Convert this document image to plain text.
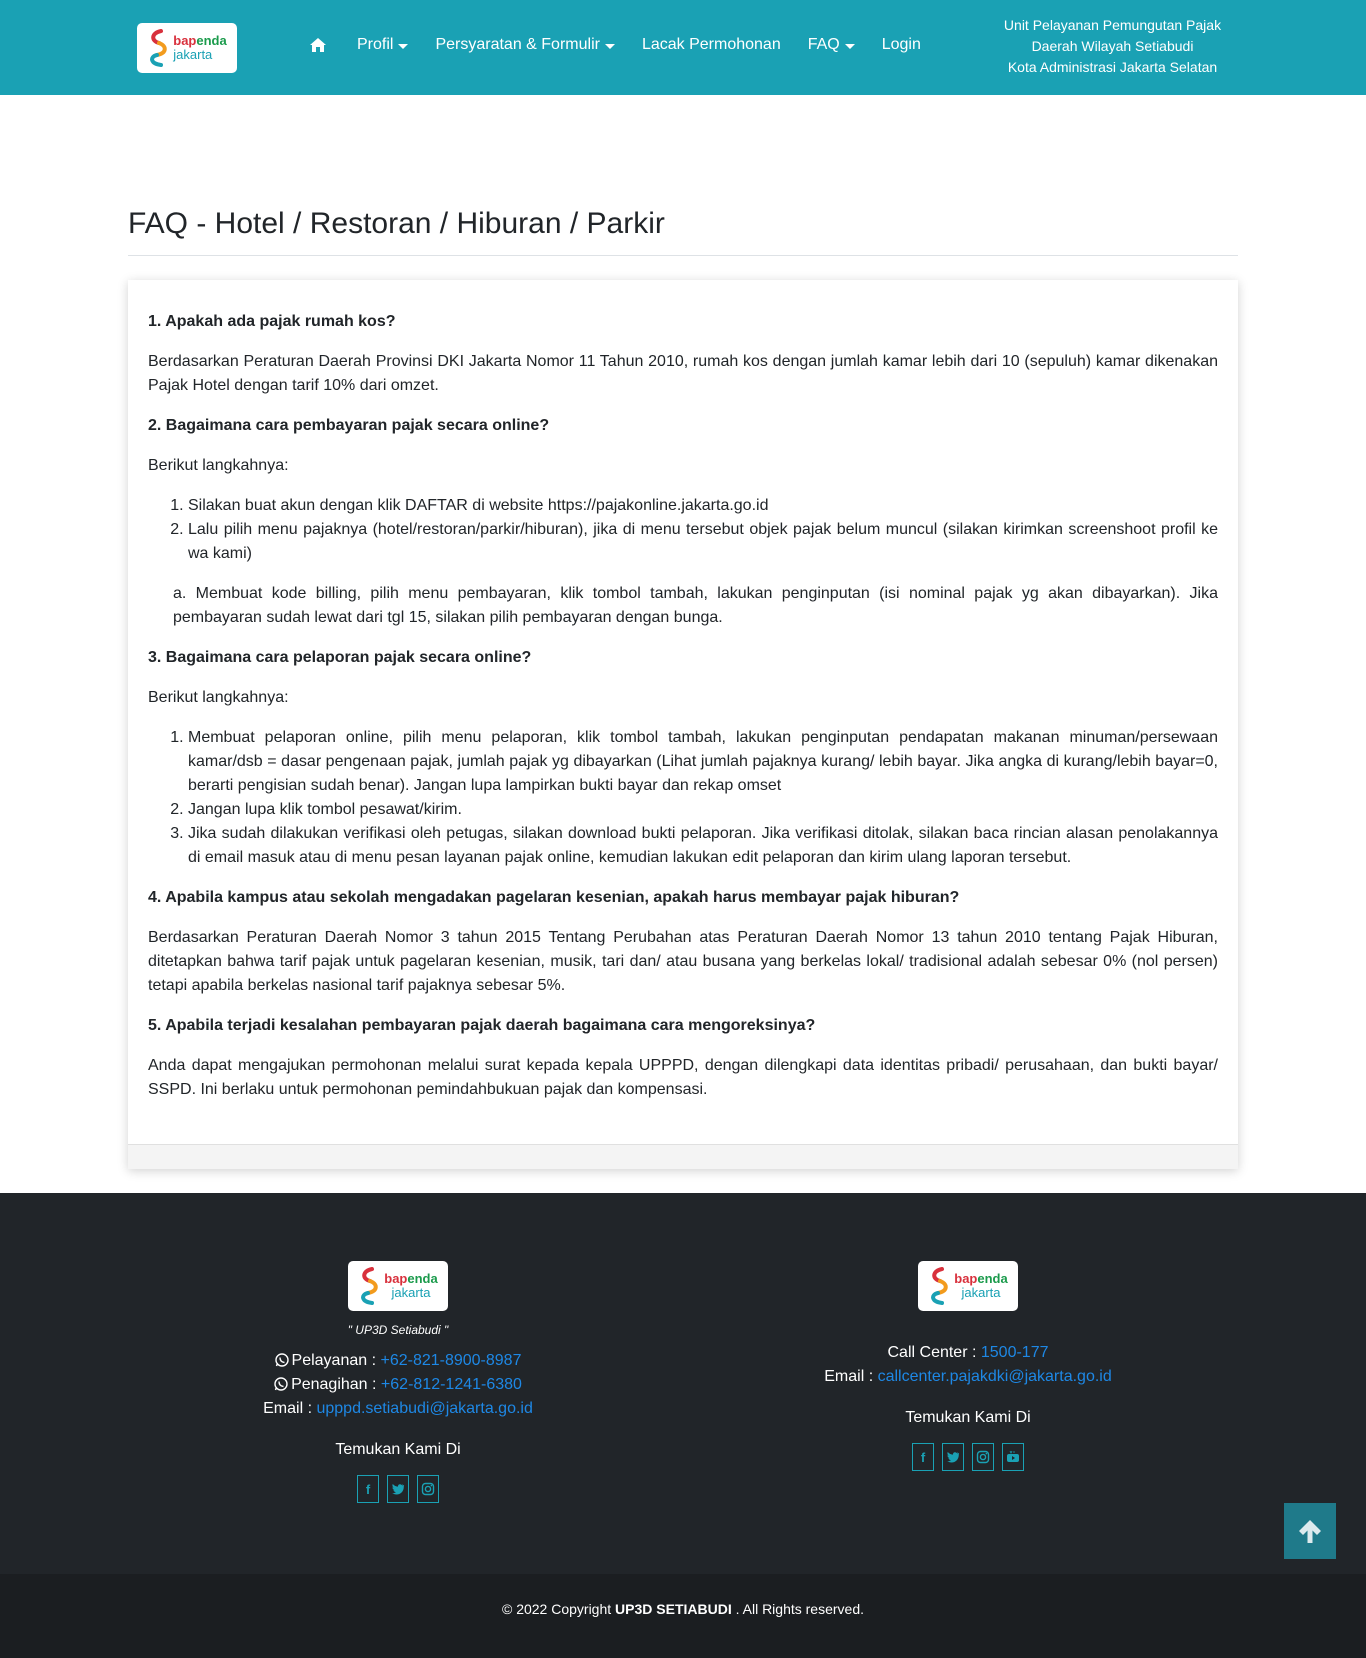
bapenda
jakarta
Profil	Persyaratan & Formulir	Lacak Permohonan FAQ	Login
Unit Pelayanan Pemungutan Pajak
Daerah Wilayah Setiabudi
Kota Administrasi Jakarta Selatan
FAQ - Hotel / Restoran / Hiburan / Parkir
1. Apakah ada pajak rumah kos?

Berdasarkan Peraturan Daerah Provinsi DKI Jakarta Nomor 11 Tahun 2010, rumah kos dengan jumlah kamar lebih dari 10 (sepuluh) kamar dikenakan Pajak Hotel dengan tarif 10% dari omzet.

2. Bagaimana cara pembayaran pajak secara online?

Berikut langkahnya:

1. Silakan buat akun dengan klik DAFTAR di website https://pajakonline.jakarta.go.id
2. Lalu pilih menu pajaknya (hotel/restoran/parkir/hiburan), jika di menu tersebut objek pajak belum muncul (silakan kirimkan screenshoot profil ke wa kami)

a. Membuat kode billing, pilih menu pembayaran, klik tombol tambah, lakukan penginputan (isi nominal pajak yg akan dibayarkan). Jika pembayaran sudah lewat dari tgl 15, silakan pilih pembayaran dengan bunga.

3. Bagaimana cara pelaporan pajak secara online?

Berikut langkahnya:

1. Membuat pelaporan online, pilih menu pelaporan, klik tombol tambah, lakukan penginputan pendapatan makanan minuman/persewaan kamar/dsb = dasar pengenaan pajak, jumlah pajak yg dibayarkan (Lihat jumlah pajaknya kurang/ lebih bayar. Jika angka di kurang/lebih bayar=0, berarti pengisian sudah benar). Jangan lupa lampirkan bukti bayar dan rekap omset
2. Jangan lupa klik tombol pesawat/kirim.
3. Jika sudah dilakukan verifikasi oleh petugas, silakan download bukti pelaporan. Jika verifikasi ditolak, silakan baca rincian alasan penolakannya di email masuk atau di menu pesan layanan pajak online, kemudian lakukan edit pelaporan dan kirim ulang laporan tersebut.
4. Apabila kampus atau sekolah mengadakan pagelaran kesenian, apakah harus membayar pajak hiburan?

Berdasarkan Peraturan Daerah Nomor 3 tahun 2015 Tentang Perubahan atas Peraturan Daerah Nomor 13 tahun 2010 tentang Pajak Hiburan, ditetapkan bahwa tarif pajak untuk pagelaran kesenian, musik, tari dan/ atau busana yang berkelas lokal/ tradisional adalah sebesar 0% (nol persen) tetapi apabila berkelas nasional tarif pajaknya sebesar 5%.

5. Apabila terjadi kesalahan pembayaran pajak daerah bagaimana cara mengoreksinya?

Anda dapat mengajukan permohonan melalui surat kepada kepala UPPPD, dengan dilengkapi data identitas pribadi/ perusahaan, dan bukti bayar/ SSPD. Ini berlaku untuk permohonan pemindahbukuan pajak dan kompensasi.

bapenda
jakarta
" UP3D Setiabudi "
Pelayanan : +62-821-8900-8987
Penagihan : +62-812-1241-6380
Email : upppd.setiabudi@jakarta.go.id
Temukan Kami Di
f
bapenda
jakarta
Call Center : 1500-177
Email : callcenter.pajakdki@jakarta.go.id
Temukan Kami Di
f
© 2022 Copyright UP3D SETIABUDI . All Rights reserved.
